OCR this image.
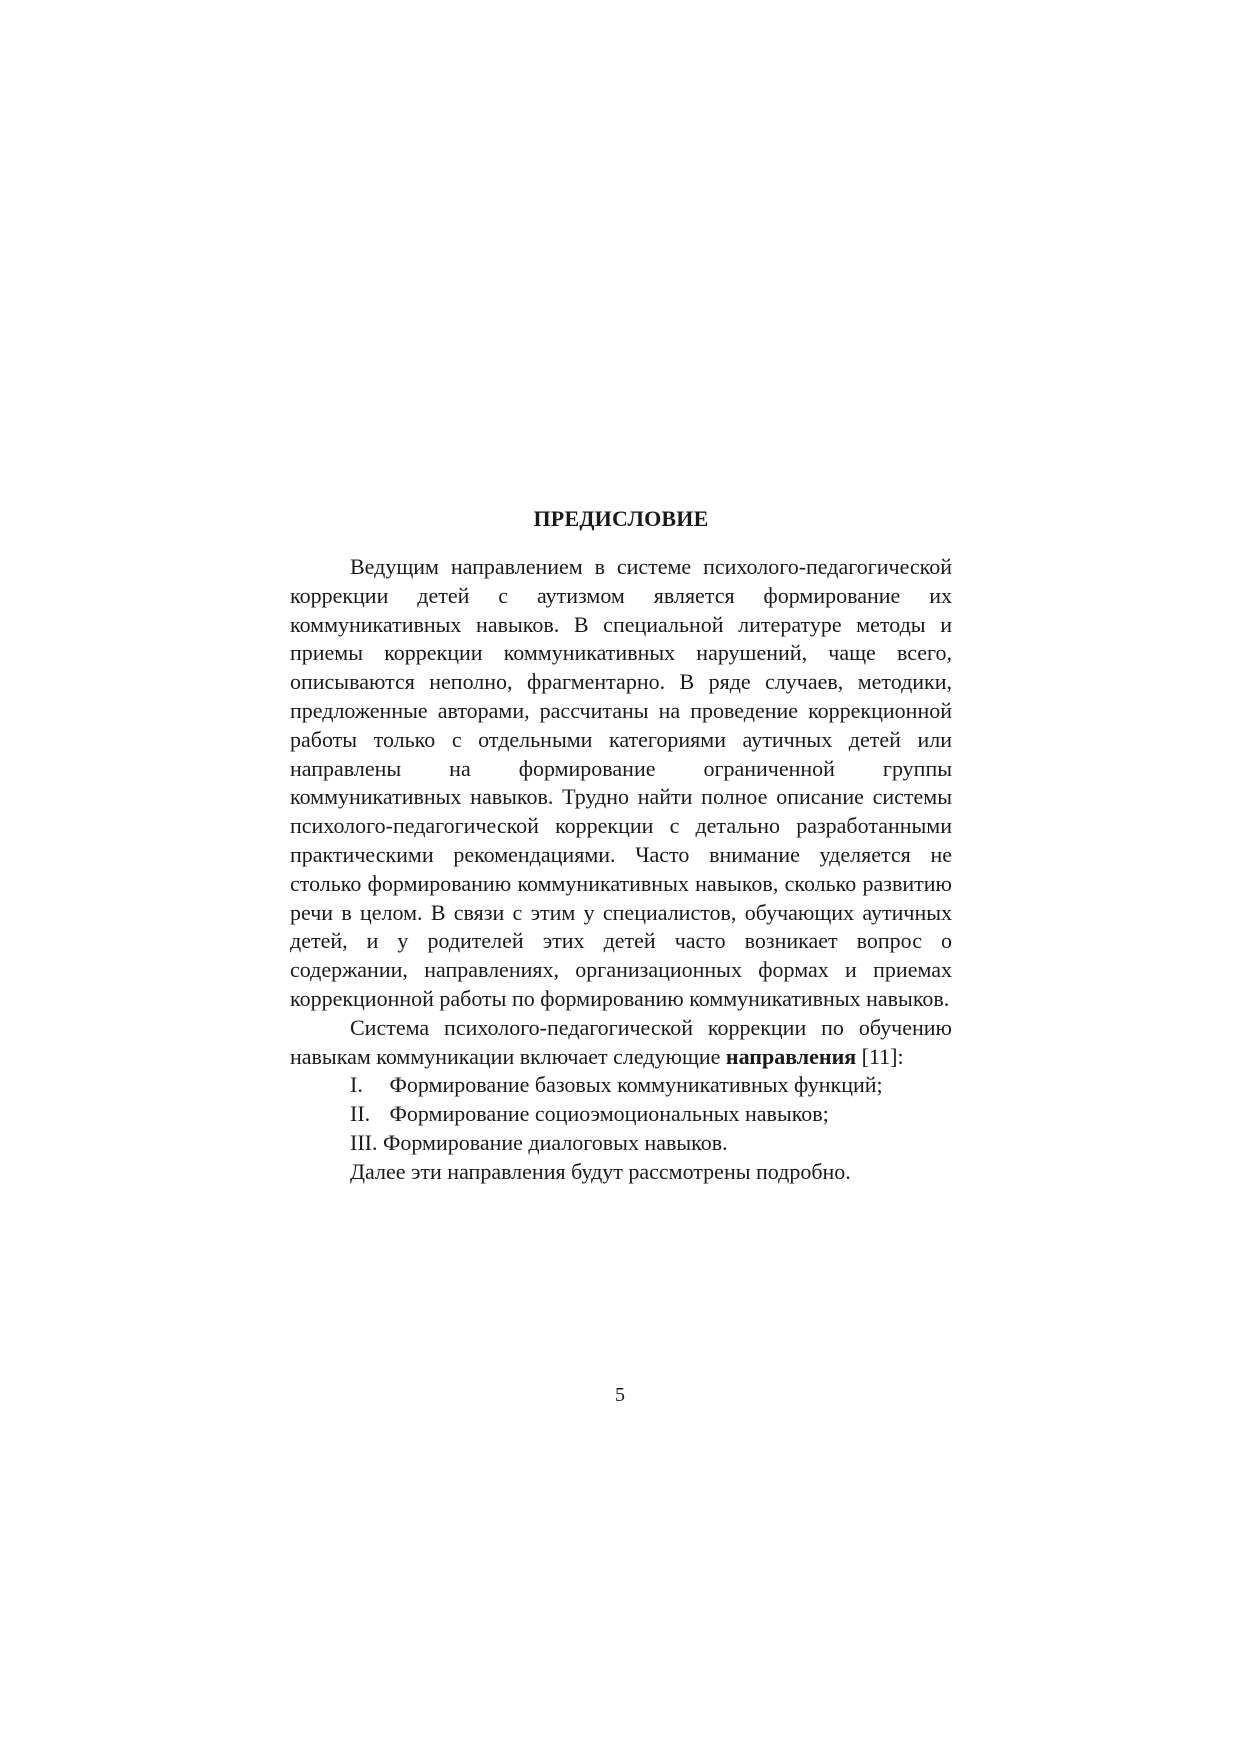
ПРЕДИСЛОВИЕ

Ведущим направлением в системе психолого-педагогической коррекции детей с аутизмом является формирование их коммуникативных навыков. В специальной литературе методы и приемы коррекции коммуникативных нарушений, чаще всего, описываются неполно, фрагментарно. В ряде случаев, методики, предложенные авторами, рассчитаны на проведение коррекционной работы только с отдельными категориями аутичных детей или направлены на формирование ограниченной группы коммуникативных навыков. Трудно найти полное описание системы психолого-педагогической коррекции с детально разработанными практическими рекомендациями. Часто внимание уделяется не столько формированию коммуникативных навыков, сколько развитию речи в целом. В связи с этим у специалистов, обучающих аутичных детей, и у родителей этих детей часто возникает вопрос о содержании, направлениях, организационных формах и приемах коррекционной работы по формированию коммуникативных навыков.

Система психолого-педагогической коррекции по обучению навыкам коммуникации включает следующие направления [11]:

I. Формирование базовых коммуникативных функций;
II. Формирование социоэмоциональных навыков;
III. Формирование диалоговых навыков.

Далее эти направления будут рассмотрены подробно.

5
